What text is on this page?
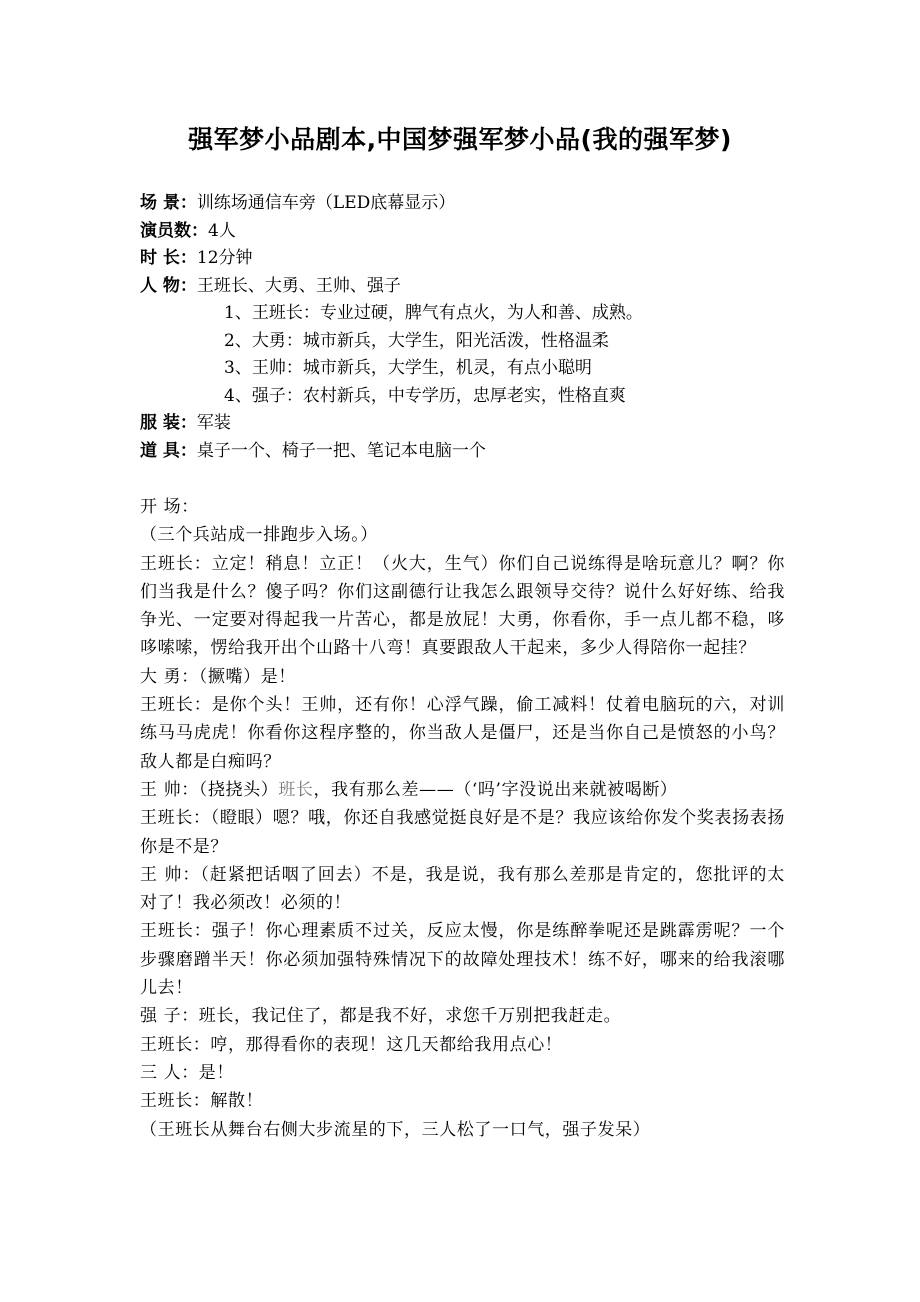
强军梦小品剧本,中国梦强军梦小品(我的强军梦)
场 景：训练场通信车旁（LED底幕显示）
演员数：4人
时 长：12分钟
人 物：王班长、大勇、王帅、强子
1、王班长：专业过硬，脾气有点火，为人和善、成熟。
2、大勇：城市新兵，大学生，阳光活泼，性格温柔
3、王帅：城市新兵，大学生，机灵，有点小聪明
4、强子：农村新兵，中专学历，忠厚老实，性格直爽
服 装：军装
道 具：桌子一个、椅子一把、笔记本电脑一个
开 场：
（三个兵站成一排跑步入场。）
王班长：立定！稍息！立正！（火大，生气）你们自己说练得是啥玩意儿？啊？你们当我是什么？傻子吗？你们这副德行让我怎么跟领导交待？说什么好好练、给我争光、一定要对得起我一片苦心，都是放屁！大勇，你看你，手一点儿都不稳，哆哆嗦嗦，愣给我开出个山路十八弯！真要跟敌人干起来，多少人得陪你一起挂？
大 勇：（撅嘴）是！
王班长：是你个头！王帅，还有你！心浮气躁，偷工减料！仗着电脑玩的六，对训练马马虎虎！你看你这程序整的，你当敌人是僵尸，还是当你自己是愤怒的小鸟？敌人都是白痴吗？
王 帅：（挠挠头）班长，我有那么差——（‘吗’字没说出来就被喝断）
王班长：（瞪眼）嗯？哦，你还自我感觉挺良好是不是？我应该给你发个奖表扬表扬你是不是？
王 帅：（赶紧把话咽了回去）不是，我是说，我有那么差那是肯定的，您批评的太对了！我必须改！必须的！
王班长：强子！你心理素质不过关，反应太慢，你是练醉拳呢还是跳霹雳呢？一个步骤磨蹭半天！你必须加强特殊情况下的故障处理技术！练不好，哪来的给我滚哪儿去！
强 子：班长，我记住了，都是我不好，求您千万别把我赶走。
王班长：哼，那得看你的表现！这几天都给我用点心！
三 人：是！
王班长：解散！
（王班长从舞台右侧大步流星的下，三人松了一口气，强子发呆）
